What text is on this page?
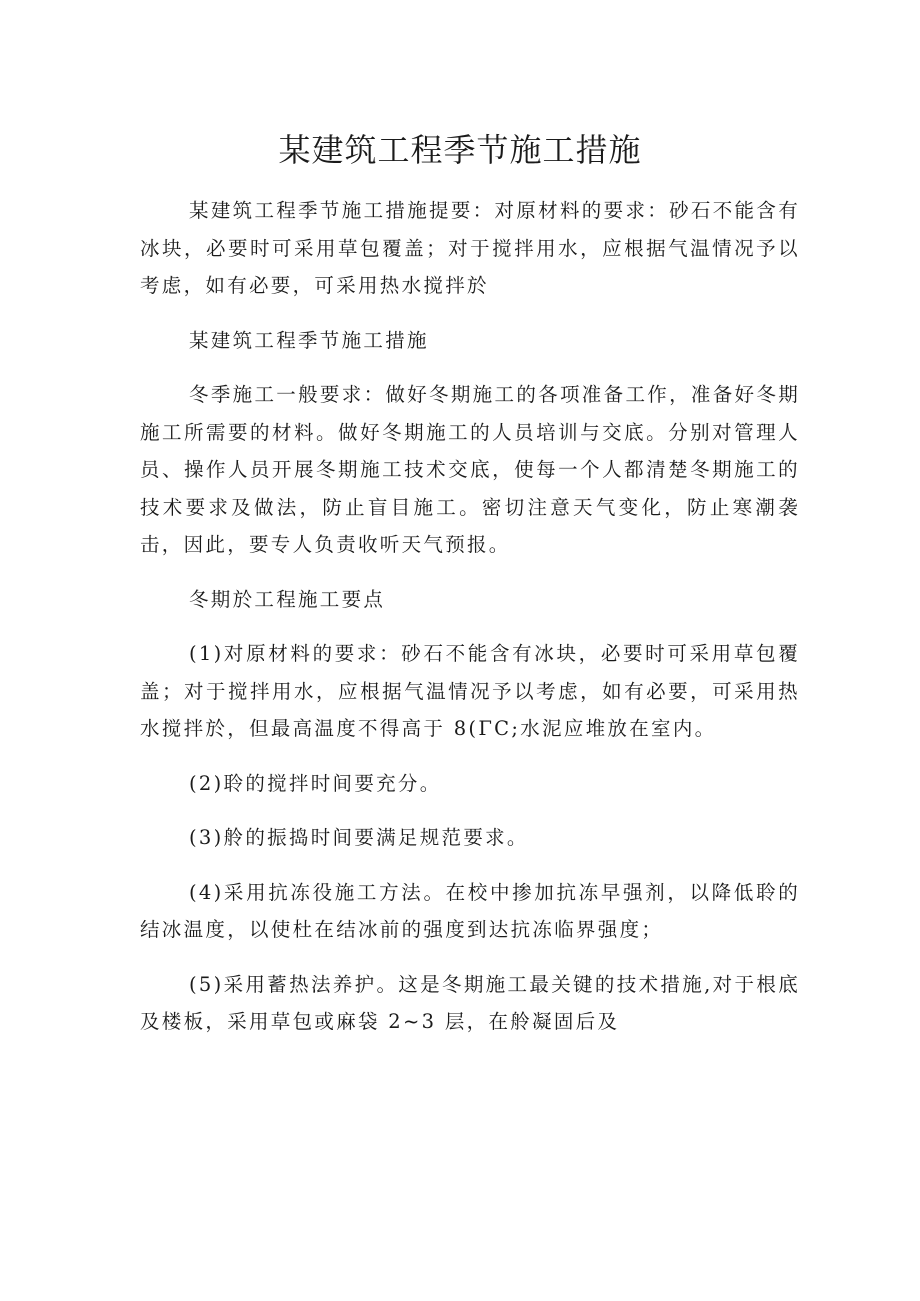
某建筑工程季节施工措施

某建筑工程季节施工措施提要：对原材料的要求：砂石不能含有冰块，必要时可采用草包覆盖；对于搅拌用水，应根据气温情况予以考虑，如有必要，可采用热水搅拌於

某建筑工程季节施工措施

冬季施工一般要求：做好冬期施工的各项准备工作，准备好冬期施工所需要的材料。做好冬期施工的人员培训与交底。分别对管理人员、操作人员开展冬期施工技术交底，使每一个人都清楚冬期施工的技术要求及做法，防止盲目施工。密切注意天气变化，防止寒潮袭击，因此，要专人负责收听天气预报。

冬期於工程施工要点

(1)对原材料的要求：砂石不能含有冰块，必要时可采用草包覆盖；对于搅拌用水，应根据气温情况予以考虑，如有必要，可采用热水搅拌於，但最高温度不得高于 8(ΓC;水泥应堆放在室内。

(2)聆的搅拌时间要充分。

(3)舲的振捣时间要满足规范要求。

(4)采用抗冻役施工方法。在校中掺加抗冻早强剂，以降低聆的结冰温度，以使杜在结冰前的强度到达抗冻临界强度；

(5)采用蓄热法养护。这是冬期施工最关键的技术措施,对于根底及楼板，采用草包或麻袋 2~3 层，在舲凝固后及
